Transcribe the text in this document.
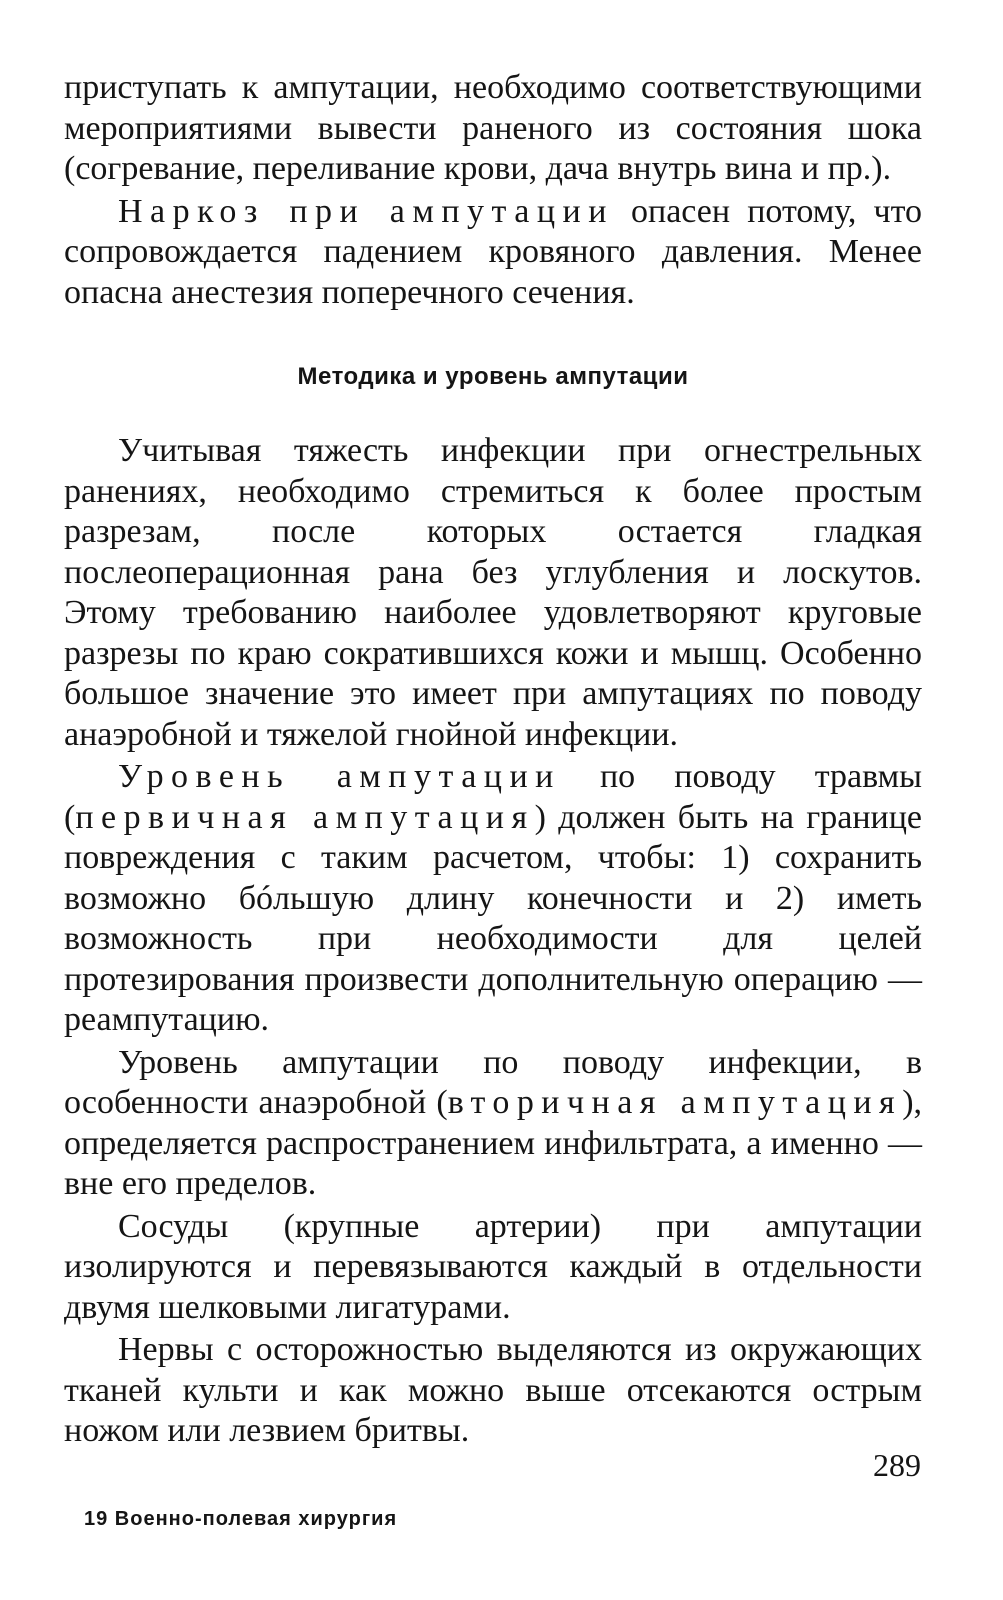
приступать к ампутации, необходимо соответствующими мероприятиями вывести раненого из состояния шока (согревание, переливание крови, дача внутрь вина и пр.).

Наркоз при ампутации опасен потому, что сопровождается падением кровяного давления. Менее опасна анестезия поперечного сечения.

Методика и уровень ампутации

Учитывая тяжесть инфекции при огнестрельных ранениях, необходимо стремиться к более простым разрезам, после которых остается гладкая послеоперационная рана без углубления и лоскутов. Этому требованию наиболее удовлетворяют круговые разрезы по краю сократившихся кожи и мышц. Особенно большое значение это имеет при ампутациях по поводу анаэробной и тяжелой гнойной инфекции.

Уровень ампутации по поводу травмы (первичная ампутация) должен быть на границе повреждения с таким расчетом, чтобы: 1) сохранить возможно бóльшую длину конечности и 2) иметь возможность при необходимости для целей протезирования произвести дополнительную операцию — реампутацию.

Уровень ампутации по поводу инфекции, в особенности анаэробной (вторичная ампутация), определяется распространением инфильтрата, а именно — вне его пределов.

Сосуды (крупные артерии) при ампутации изолируются и перевязываются каждый в отдельности двумя шелковыми лигатурами.

Нервы с осторожностью выделяются из окружающих тканей культи и как можно выше отсекаются острым ножом или лезвием бритвы.

289
19 Военно-полевая хирургия
